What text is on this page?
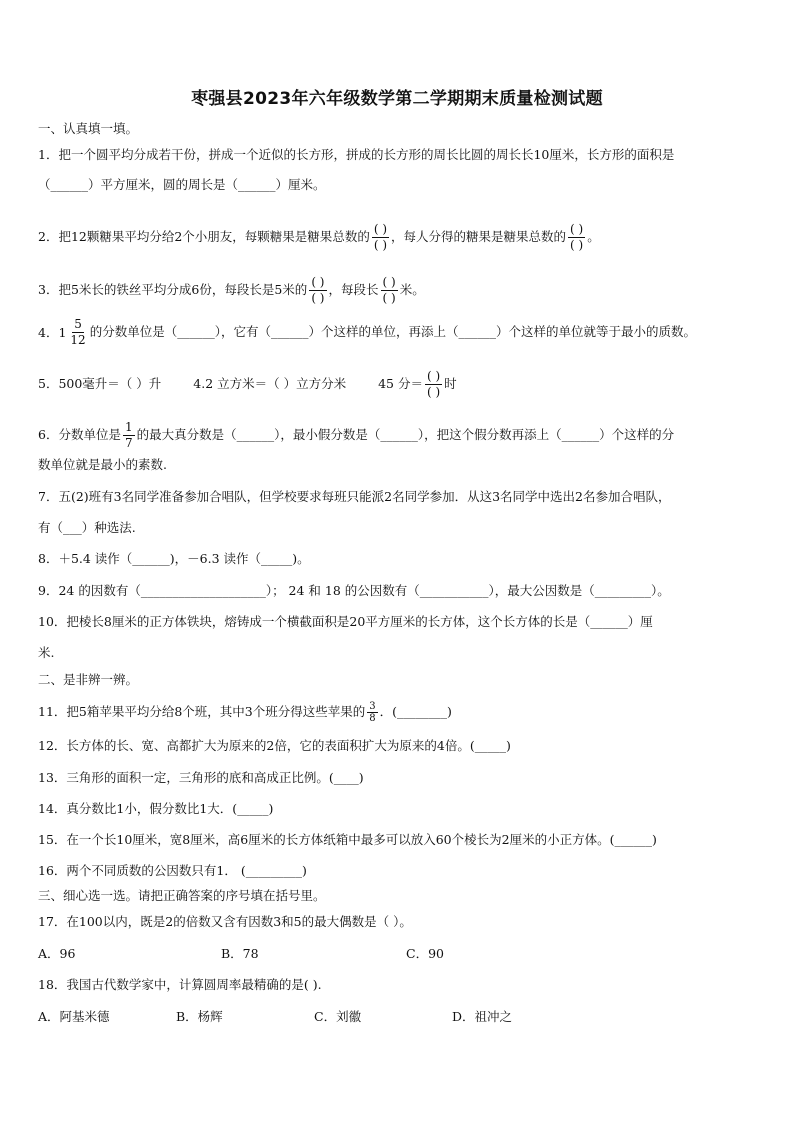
枣强县2023年六年级数学第二学期期末质量检测试题
一、认真填一填。
1．把一个圆平均分成若干份，拼成一个近似的长方形，拼成的长方形的周长比圆的周长长10厘米，长方形的面积是
（______）平方厘米，圆的周长是（______）厘米。
2．把12颗糖果平均分给2个小朋友，每颗糖果是糖果总数的 ( )
( )
，每人分得的糖果是糖果总数的 ( )
( )
。
3．把5米长的铁丝平均分成6份，每段长是5米的 ( )
( )
，每段长 ( )
( )
米。
4．$1 \frac{5}{12}$ 的分数单位是（______），它有（______）个这样的单位，再添上（______）个这样的单位就等于最小的质数。
5．500毫升＝（ ）升	4.2 立方米＝（ ）立方分米	45 分＝ ( )
( )
时
6．分数单位是 $\frac{1}{7}$ 的最大真分数是（______），最小假分数是（______），把这个假分数再添上（______）个这样的分
数单位就是最小的素数.
7．五(2)班有3名同学准备参加合唱队，但学校要求每班只能派2名同学参加．从这3名同学中选出2名参加合唱队，
有（___）种选法.
8．＋5.4 读作（______)，－6.3 读作（_____)。
9．24 的因数有（____________________）； 24 和 18 的公因数有（___________），最大公因数是（_________）。
10．把棱长8厘米的正方体铁块，熔铸成一个横截面积是20平方厘米的长方体，这个长方体的长是（______）厘
米.
二、是非辨一辨。
11．把5箱苹果平均分给8个班，其中3个班分得这些苹果的 $\frac{3}{8}$ ．(________)
12．长方体的长、宽、高都扩大为原来的2倍，它的表面积扩大为原来的4倍。(_____)
13．三角形的面积一定，三角形的底和高成正比例。(____)
14．真分数比1小，假分数比1大．(_____)
15．在一个长10厘米，宽8厘米，高6厘米的长方体纸箱中最多可以放入60个棱长为2厘米的小正方体。(______)
16．两个不同质数的公因数只有1． (_________)
三、细心选一选。请把正确答案的序号填在括号里。
17．在100以内，既是2的倍数又含有因数3和5的最大偶数是（ ）。
A．96	B．78	C．90
18．我国古代数学家中，计算圆周率最精确的是( ).
A．阿基米德	B．杨辉	C．刘徽	D．祖冲之
